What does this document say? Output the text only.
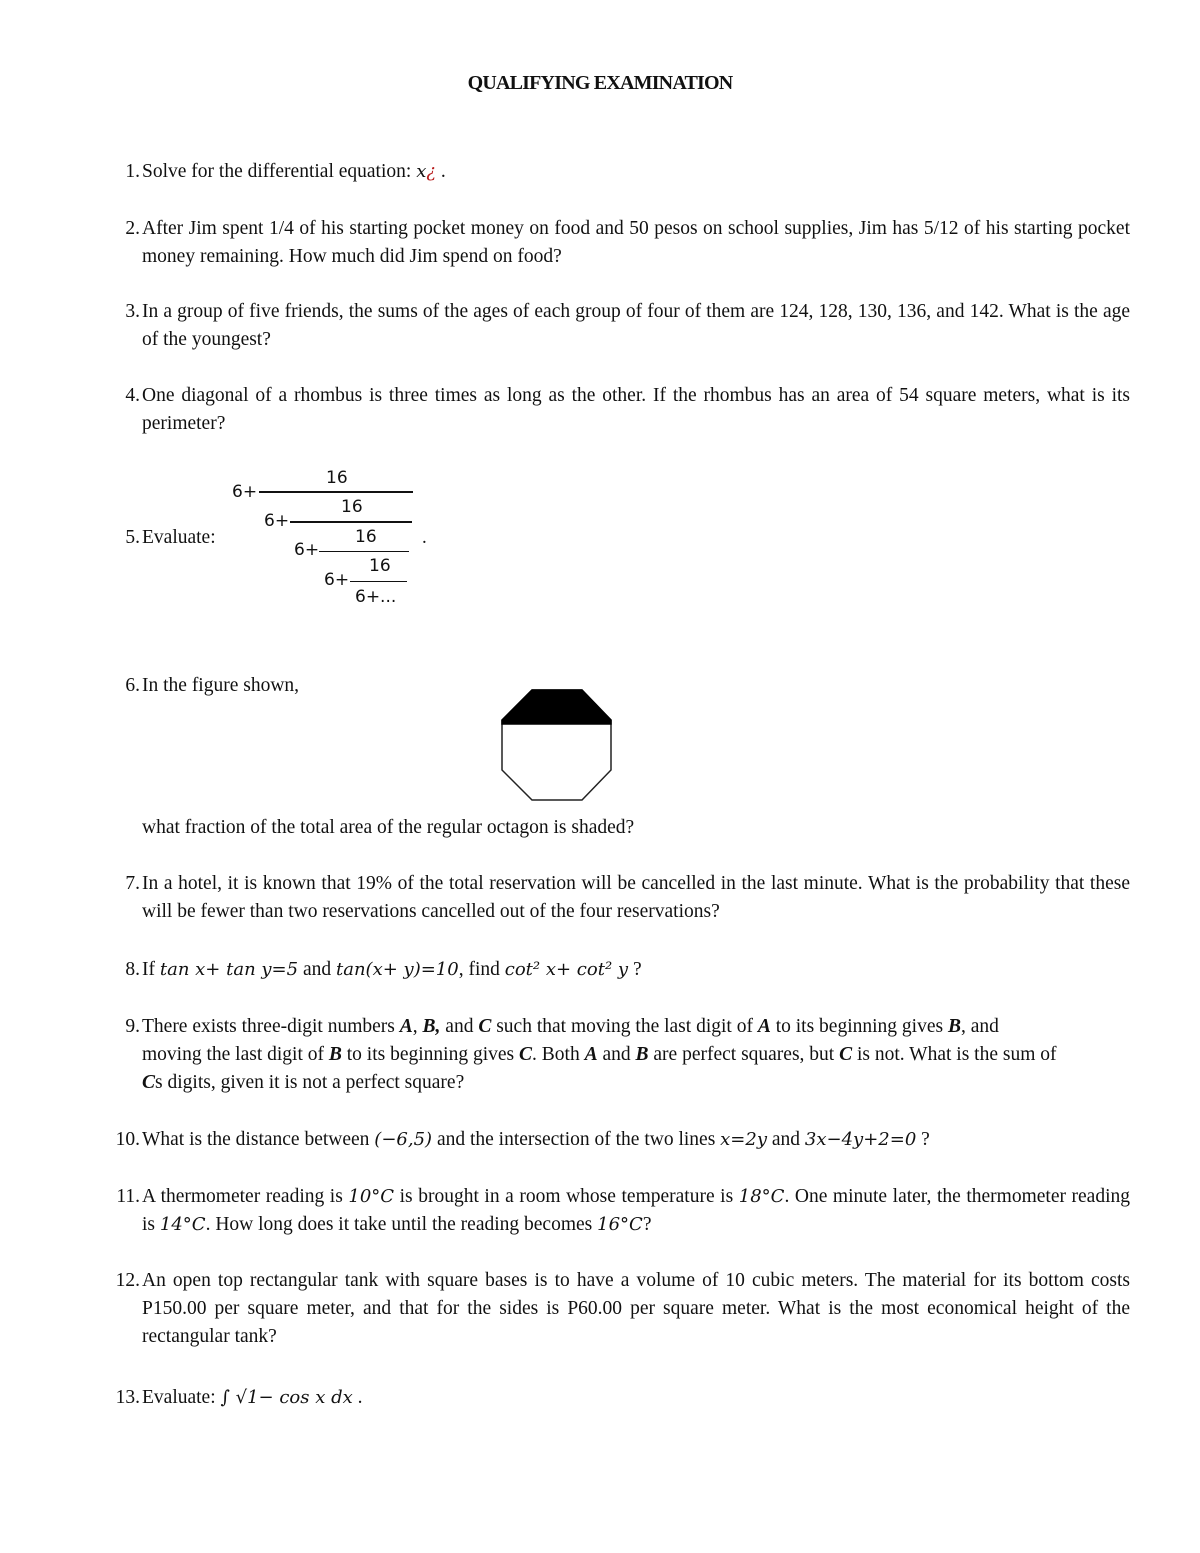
QUALIFYING EXAMINATION
1. Solve for the differential equation: x¿ .
2. After Jim spent 1/4 of his starting pocket money on food and 50 pesos on school supplies, Jim has 5/12 of his starting pocket money remaining. How much did Jim spend on food?
3. In a group of five friends, the sums of the ages of each group of four of them are 124, 128, 130, 136, and 142. What is the age of the youngest?
4. One diagonal of a rhombus is three times as long as the other. If the rhombus has an area of 54 square meters, what is its perimeter?
5. Evaluate:
6+
16
6+
16
6+
16
6+
16
6+...
.
6. In the figure shown,
what fraction of the total area of the regular octagon is shaded?
7. In a hotel, it is known that 19% of the total reservation will be cancelled in the last minute. What is the probability that these will be fewer than two reservations cancelled out of the four reservations?
8. If tan x+ tan y=5 and tan(x+ y)=10, find cot² x+ cot² y ?
9. There exists three-digit numbers A, B, and C such that moving the last digit of A to its beginning gives B, and moving the last digit of B to its beginning gives C. Both A and B are perfect squares, but C is not. What is the sum of Cs digits, given it is not a perfect square?
10. What is the distance between (−6,5) and the intersection of the two lines x=2y and 3x−4y+2=0 ?
11. A thermometer reading is 10°C is brought in a room whose temperature is 18°C. One minute later, the thermometer reading is 14°C. How long does it take until the reading becomes 16°C?
12. An open top rectangular tank with square bases is to have a volume of 10 cubic meters. The material for its bottom costs P150.00 per square meter, and that for the sides is P60.00 per square meter. What is the most economical height of the rectangular tank?
13. Evaluate: ∫ √1− cos x dx .
